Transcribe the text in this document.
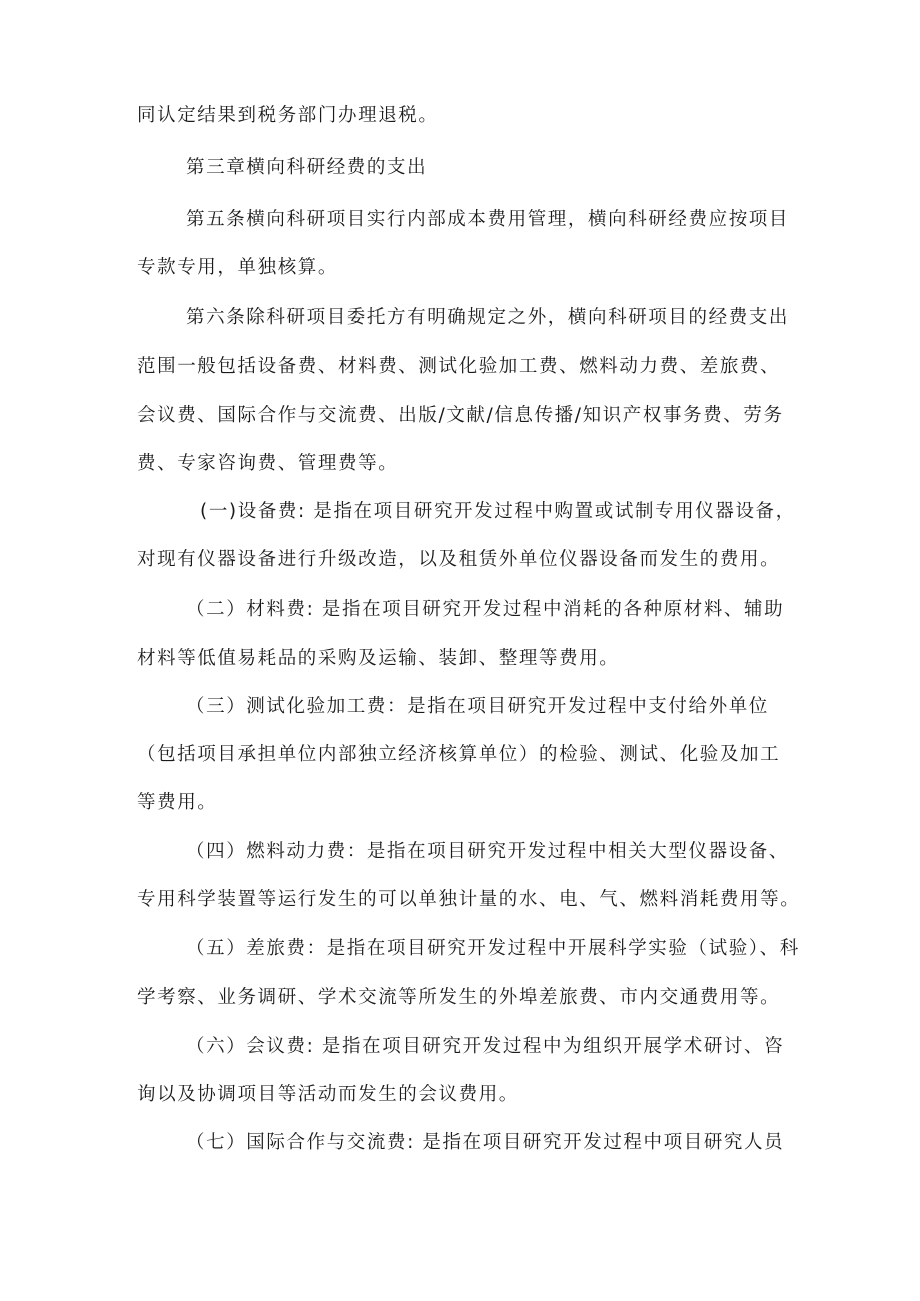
同认定结果到税务部门办理退税。
第三章横向科研经费的支出
第五条横向科研项目实行内部成本费用管理，横向科研经费应按项目
专款专用，单独核算。
第六条除科研项目委托方有明确规定之外，横向科研项目的经费支出
范围一般包括设备费、材料费、测试化验加工费、燃料动力费、差旅费、
会议费、国际合作与交流费、出版/文献/信息传播/知识产权事务费、劳务
费、专家咨询费、管理费等。
(一)设备费: 是指在项目研究开发过程中购置或试制专用仪器设备，
对现有仪器设备进行升级改造，以及租赁外单位仪器设备而发生的费用。
（二）材料费: 是指在项目研究开发过程中消耗的各种原材料、辅助
材料等低值易耗品的采购及运输、装卸、整理等费用。
（三）测试化验加工费：是指在项目研究开发过程中支付给外单位
（包括项目承担单位内部独立经济核算单位）的检验、测试、化验及加工
等费用。
（四）燃料动力费：是指在项目研究开发过程中相关大型仪器设备、
专用科学装置等运行发生的可以单独计量的水、电、气、燃料消耗费用等。
（五）差旅费：是指在项目研究开发过程中开展科学实验（试验）、科
学考察、业务调研、学术交流等所发生的外埠差旅费、市内交通费用等。
（六）会议费: 是指在项目研究开发过程中为组织开展学术研讨、咨
询以及协调项目等活动而发生的会议费用。
（七）国际合作与交流费: 是指在项目研究开发过程中项目研究人员
